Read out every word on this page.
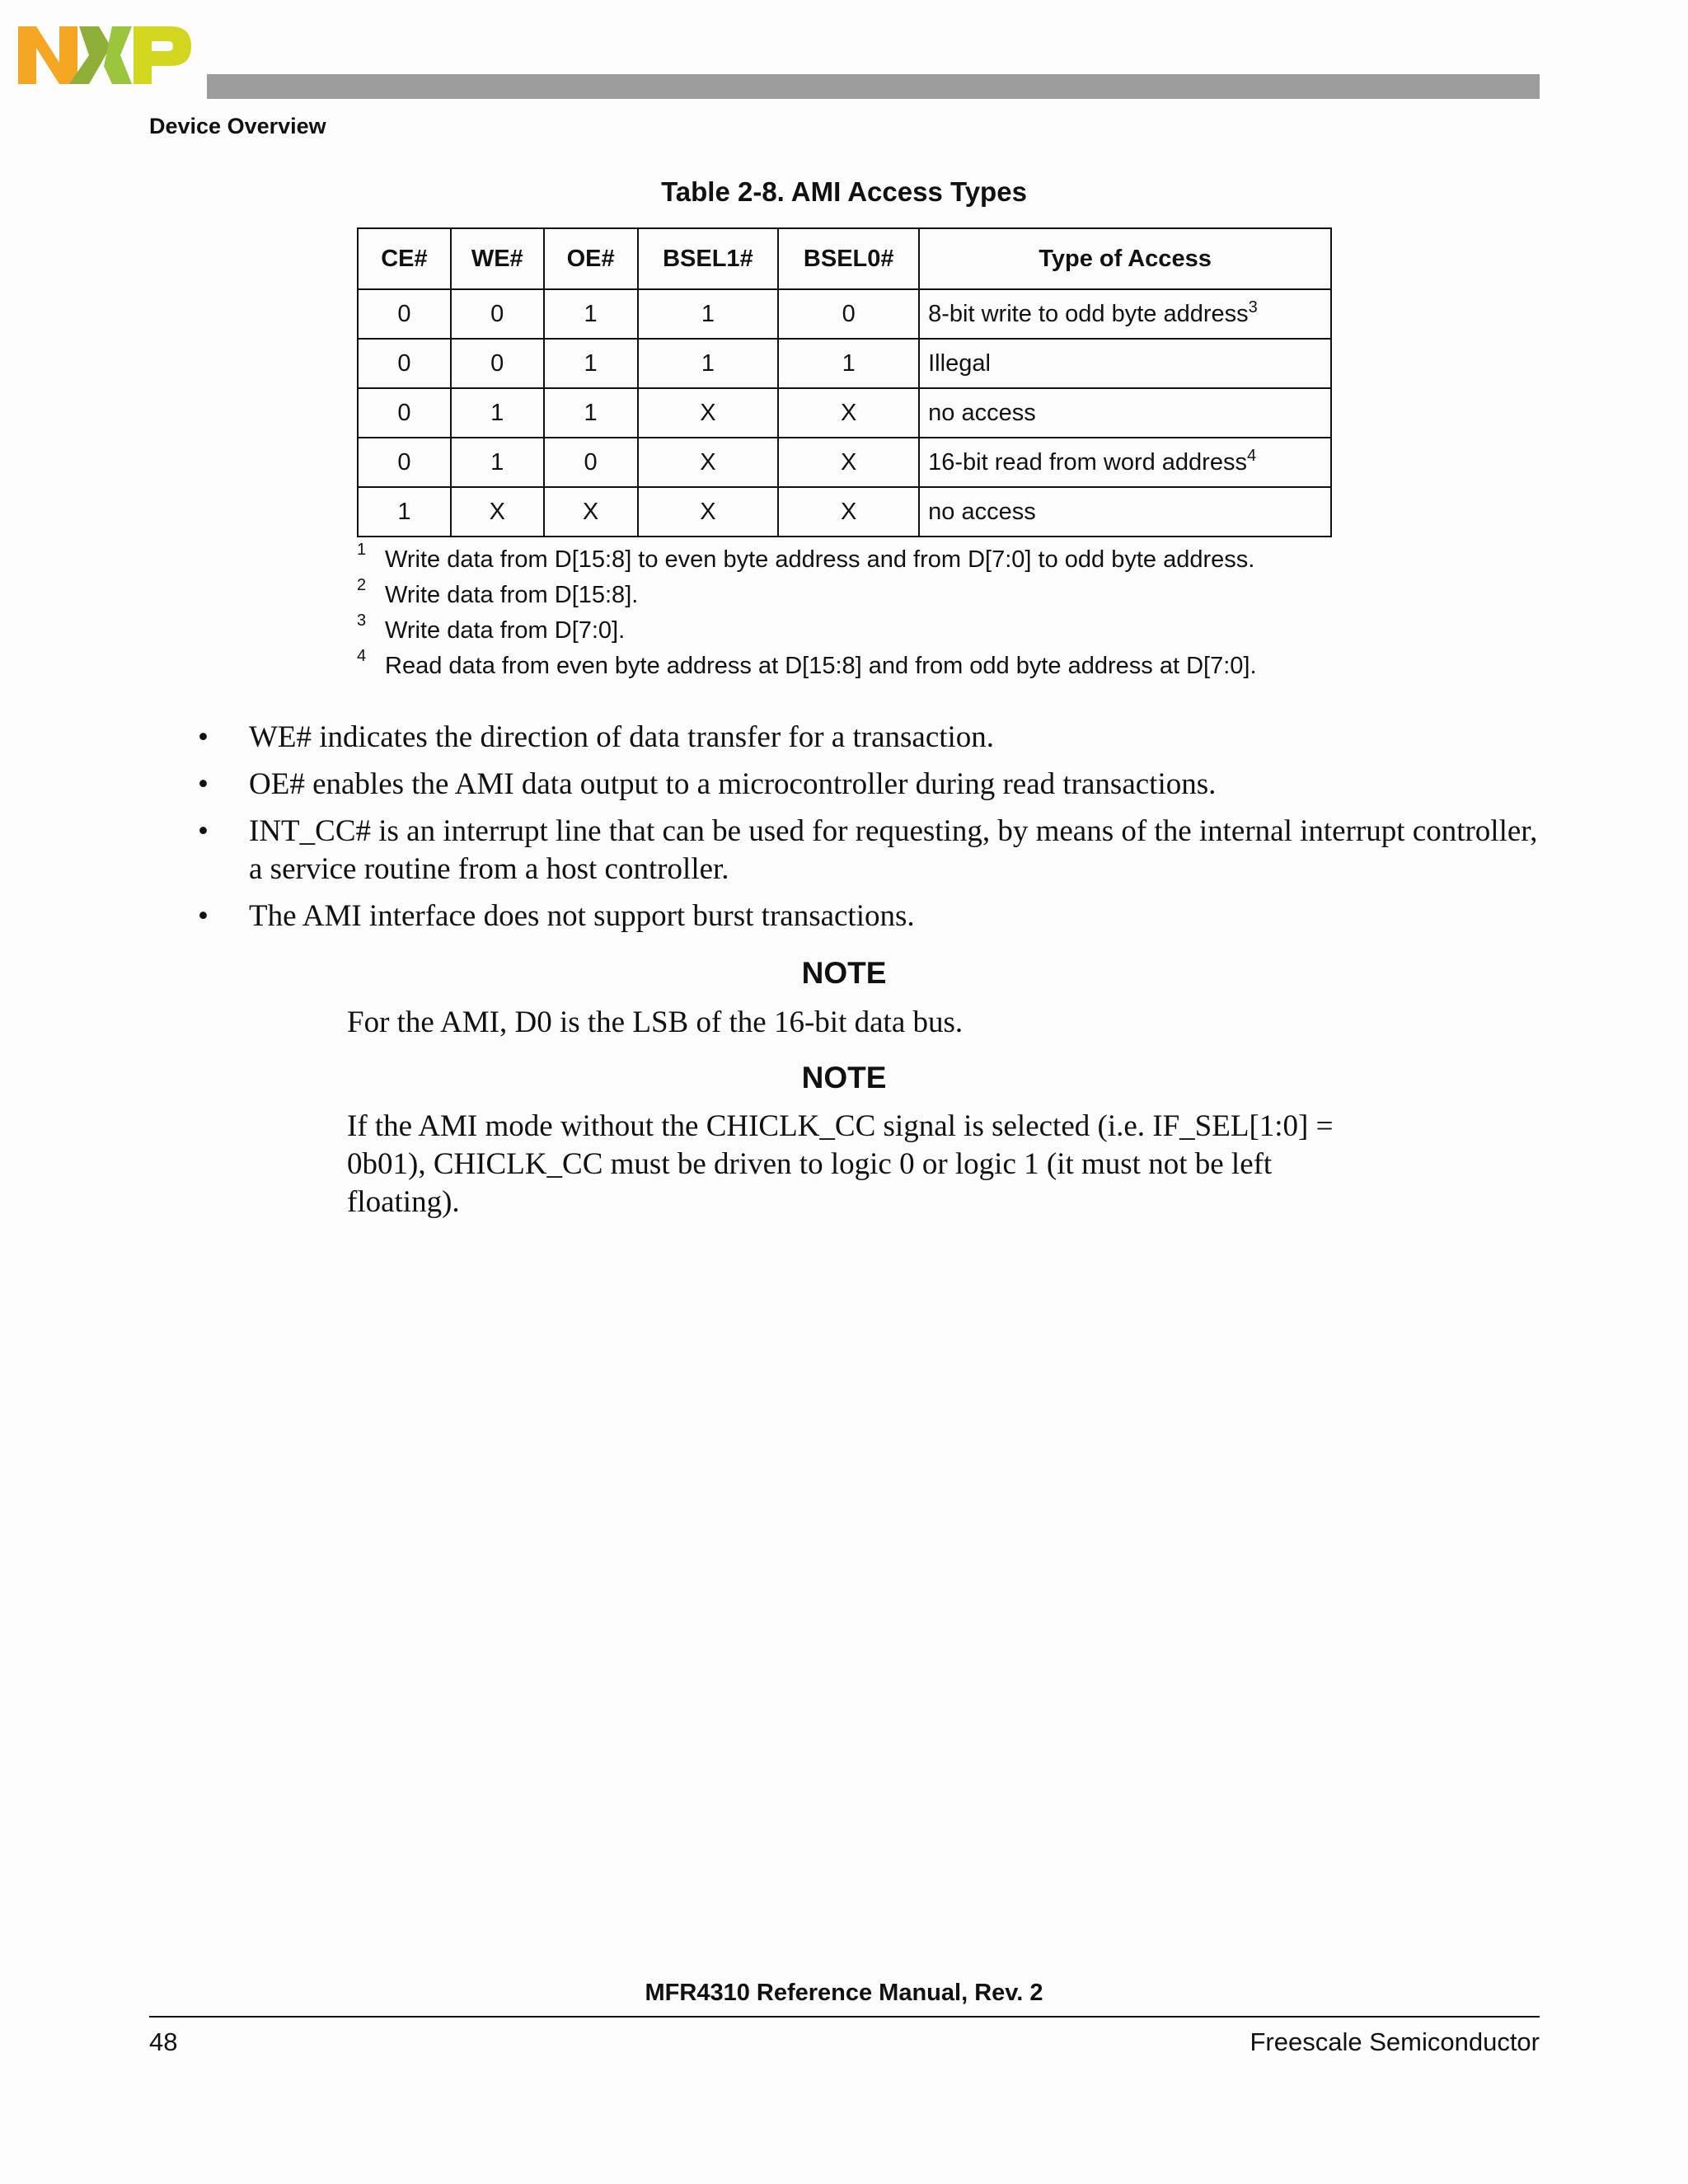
Device Overview
Table 2-8. AMI Access Types
CE#	WE#	OE#	BSEL1#	BSEL0#	Type of Access
0	0	1	1	0	8-bit write to odd byte address$^3$
0	0	1	1	1	Illegal
0	1	1	X	X	no access
0	1	0	X	X	16-bit read from word address$^4$
1	X	X	X	X	no access
1 Write data from D[15:8] to even byte address and from D[7:0] to odd byte address.
2 Write data from D[15:8].
3 Write data from D[7:0].
4 Read data from even byte address at D[15:8] and from odd byte address at D[7:0].
• WE# indicates the direction of data transfer for a transaction.
• OE# enables the AMI data output to a microcontroller during read transactions.
• INT_CC# is an interrupt line that can be used for requesting, by means of the internal interrupt controller, a service routine from a host controller.
• The AMI interface does not support burst transactions.
NOTE
For the AMI, D0 is the LSB of the 16-bit data bus.
NOTE
If the AMI mode without the CHICLK_CC signal is selected (i.e. IF_SEL[1:0] = 0b01), CHICLK_CC must be driven to logic 0 or logic 1 (it must not be left floating).
MFR4310 Reference Manual, Rev. 2
48	Freescale Semiconductor
